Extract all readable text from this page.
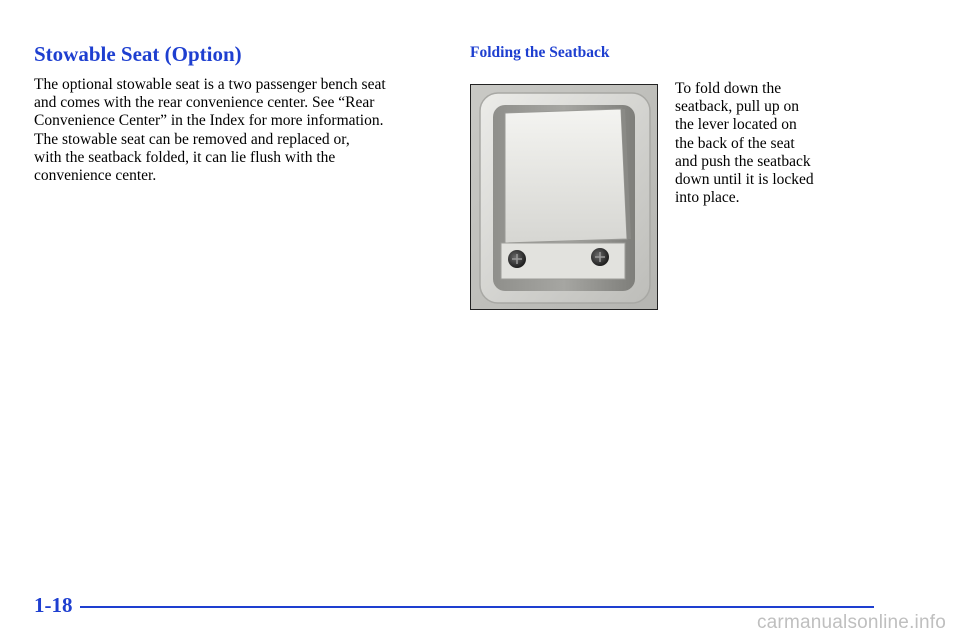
Stowable Seat (Option)
The optional stowable seat is a two passenger bench seat
and comes with the rear convenience center. See “Rear
Convenience Center” in the Index for more information.
The stowable seat can be removed and replaced or,
with the seatback folded, it can lie flush with the
convenience center.
Folding the Seatback
To fold down the
seatback, pull up on
the lever located on
the back of the seat
and push the seatback
down until it is locked
into place.
1-18
carmanualsonline.info
